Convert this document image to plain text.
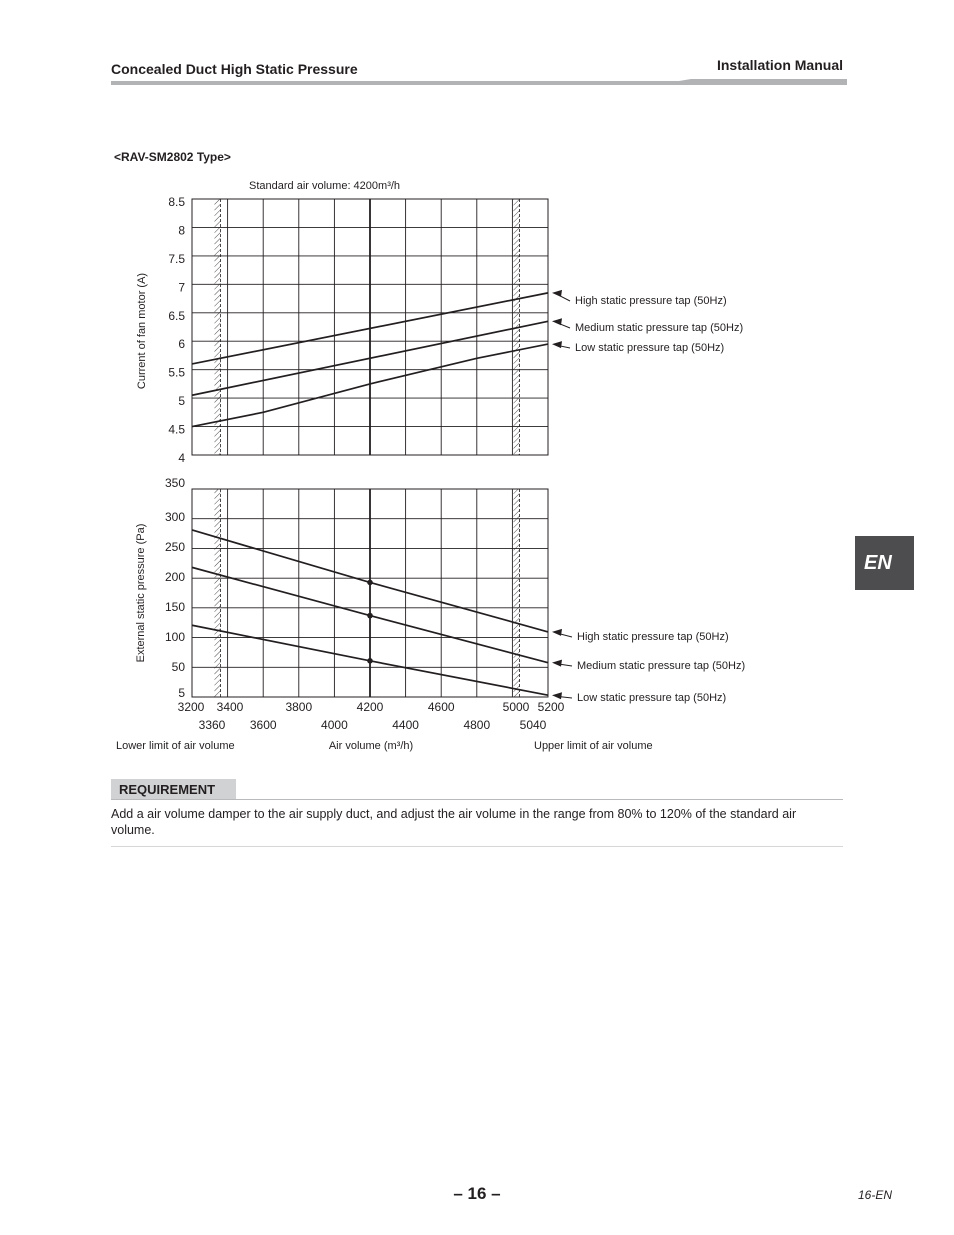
Concealed Duct High Static Pressure	Installation Manual
<RAV-SM2802 Type>
4
4.5
5
5.5
6
6.5
7
7.5
8
8.5
Current of fan motor (A)	High static pressure tap (50Hz)
Medium static pressure tap (50Hz)
Low static pressure tap (50Hz)
Standard air volume: 4200m³/h
5
50
100
150
200
250
300
350
External static pressure (Pa)	High static pressure tap (50Hz)
Medium static pressure tap (50Hz)
Low static pressure tap (50Hz)
3200 3400	3800	4200	4600	5000 5200
3360 3600	4000	4400	4800 5040
Lower limit of air volume	Air volume (m³/h)	Upper limit of air volume
EN
REQUIREMENT
Add a air volume damper to the air supply duct, and adjust the air volume in the range from 80% to 120% of the standard air volume.
– 16 –	16-EN
